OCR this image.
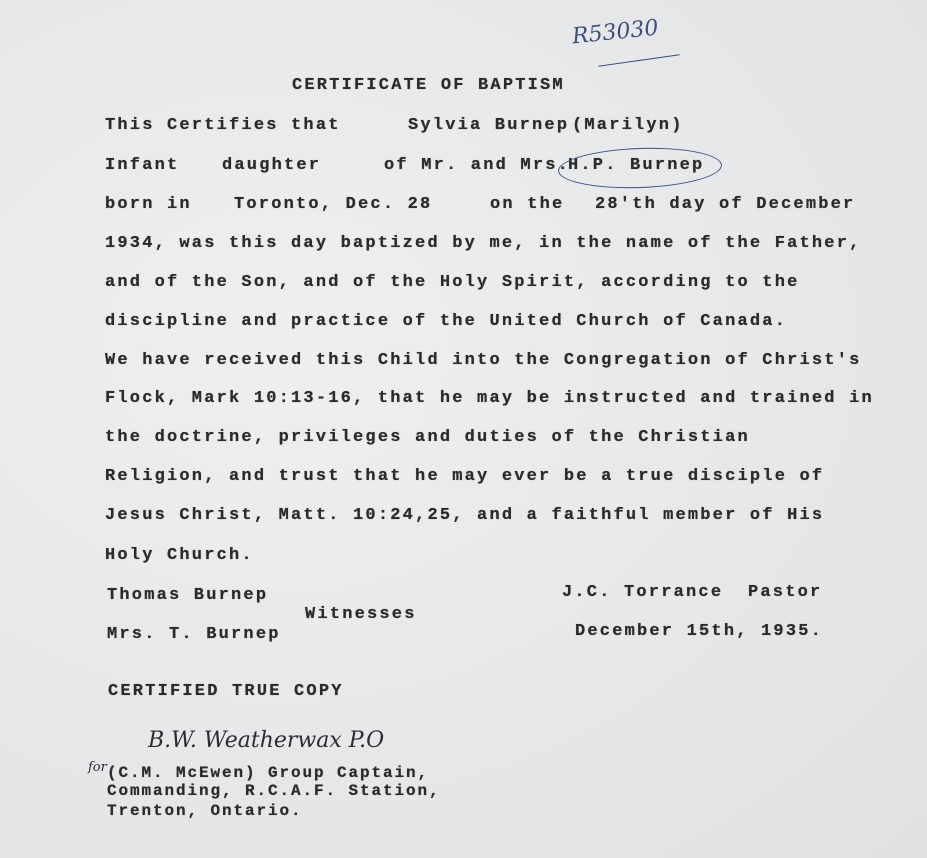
R53030
CERTIFICATE OF BAPTISM
This Certifies that	Sylvia Burnep (Marilyn)
Infant	daughter	of Mr. and Mrs.
H.P. Burnep
born in Toronto, Dec. 28	on the 28'th day of December
1934, was this day baptized by me, in the name of the Father,
and of the Son, and of the Holy Spirit, according to the
discipline and practice of the United Church of Canada.
We have received this Child into the Congregation of Christ's
Flock, Mark 10:13-16, that he may be instructed and trained in
the doctrine, privileges and duties of the Christian
Religion, and trust that he may ever be a true disciple of
Jesus Christ, Matt. 10:24,25, and a faithful member of His
Holy Church.
Thomas Burnep
Witnesses
Mrs. T. Burnep
J.C. Torrance Pastor
December 15th, 1935.
CERTIFIED TRUE COPY
B.W. Weatherwax P.O
for (C.M. McEwen) Group Captain,
Commanding, R.C.A.F. Station,
Trenton, Ontario.
